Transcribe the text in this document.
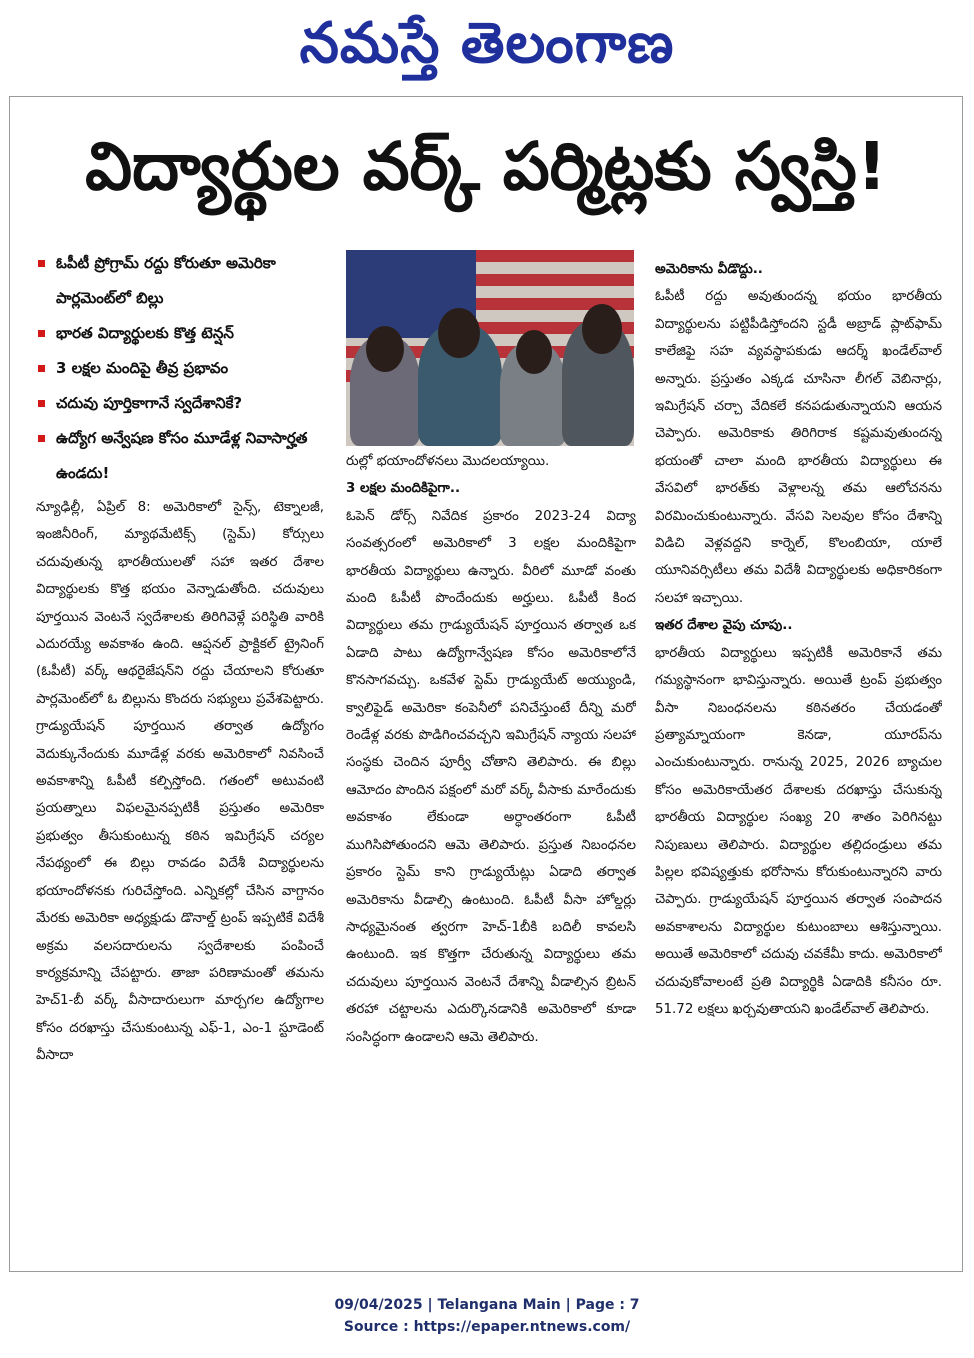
నమస్తే తెలంగాణ
విద్యార్థుల వర్క్ పర్మిట్లకు స్వస్తి!
ఓపీటీ ప్రోగ్రామ్ రద్దు కోరుతూ అమెరికా పార్లమెంట్‌లో బిల్లు
భారత విద్యార్థులకు కొత్త టెన్షన్
3 లక్షల మందిపై తీవ్ర ప్రభావం
చదువు పూర్తికాగానే స్వదేశానికే?
ఉద్యోగ అన్వేషణ కోసం మూడేళ్ల నివాసార్హత ఉండదు!

న్యూఢిల్లీ, ఏప్రిల్ 8: అమెరికాలో సైన్స్, టెక్నాలజీ, ఇంజినీరింగ్, మ్యాథమేటిక్స్ (స్టెమ్) కోర్సులు చదువుతున్న భారతీయులతో సహా ఇతర దేశాల విద్యార్థులకు కొత్త భయం వెన్నాడుతోంది. చదువులు పూర్తయిన వెంటనే స్వదేశాలకు తిరిగివెళ్లే పరిస్థితి వారికి ఎదురయ్యే అవకాశం ఉంది. ఆప్షనల్ ప్రాక్టికల్ ట్రైనింగ్ (ఓపీటీ) వర్క్ ఆథరైజేషన్‌ని రద్దు చేయాలని కోరుతూ పార్లమెంట్‌లో ఓ బిల్లును కొందరు సభ్యులు ప్రవేశపెట్టారు. గ్రాడ్యుయేషన్ పూర్తయిన తర్వాత ఉద్యోగం వెదుక్కునేందుకు మూడేళ్ల వరకు అమెరికాలో నివసించే అవకాశాన్ని ఓపీటీ కల్పిస్తోంది. గతంలో అటువంటి ప్రయత్నాలు విఫలమైనప్పటికీ ప్రస్తుతం అమెరికా ప్రభుత్వం తీసుకుంటున్న కఠిన ఇమిగ్రేషన్ చర్యల నేపథ్యంలో ఈ బిల్లు రావడం విదేశీ విద్యార్థులను భయాందోళనకు గురిచేస్తోంది. ఎన్నికల్లో చేసిన వాగ్దానం మేరకు అమెరికా అధ్యక్షుడు డొనాల్డ్ ట్రంప్ ఇప్పటికే విదేశీ అక్రమ వలసదారులను స్వదేశాలకు పంపించే కార్యక్రమాన్ని చేపట్టారు. తాజా పరిణామంతో తమను హెచ్1-బీ వర్క్ వీసాదారులుగా మార్చగల ఉద్యోగాల కోసం దరఖాస్తు చేసుకుంటున్న ఎఫ్-1, ఎం-1 స్టూడెంట్ వీసాదా

రుల్లో భయాందోళనలు మొదలయ్యాయి.

3 లక్షల మందికిపైగా..

ఓపెన్ డోర్స్ నివేదిక ప్రకారం 2023-24 విద్యా సంవత్సరంలో అమెరికాలో 3 లక్షల మందికిపైగా భారతీయ విద్యార్థులు ఉన్నారు. వీరిలో మూడో వంతు మంది ఓపీటీ పొందేందుకు అర్హులు. ఓపీటీ కింద విద్యార్థులు తమ గ్రాడ్యుయేషన్ పూర్తయిన తర్వాత ఒక ఏడాది పాటు ఉద్యోగాన్వేషణ కోసం అమెరికాలోనే కొనసాగవచ్చు. ఒకవేళ స్టెమ్ గ్రాడ్యుయేట్ అయ్యుండి, క్వాలిఫైడ్ అమెరికా కంపెనీలో పనిచేస్తుంటే దీన్ని మరో రెండేళ్ల వరకు పొడిగించవచ్చని ఇమిగ్రేషన్ న్యాయ సలహా సంస్థకు చెందిన పూర్వీ చోతాని తెలిపారు. ఈ బిల్లు ఆమోదం పొందిన పక్షంలో మరో వర్క్ వీసాకు మారేందుకు అవకాశం లేకుండా అర్ధాంతరంగా ఓపీటీ ముగిసిపోతుందని ఆమె తెలిపారు. ప్రస్తుత నిబంధనల ప్రకారం స్టెమ్ కాని గ్రాడ్యుయేట్లు ఏడాది తర్వాత అమెరికాను వీడాల్సి ఉంటుంది. ఓపీటీ వీసా హోల్డర్లు సాధ్యమైనంత త్వరగా హెచ్-1బీకి బదిలీ కావలసి ఉంటుంది. ఇక కొత్తగా చేరుతున్న విద్యార్థులు తమ చదువులు పూర్తయిన వెంటనే దేశాన్ని వీడాల్సిన బ్రిటన్ తరహా చట్టాలను ఎదుర్కొనడానికి అమెరికాలో కూడా సంసిద్ధంగా ఉండాలని ఆమె తెలిపారు.

అమెరికాను వీడొద్దు..

ఓపీటీ రద్దు అవుతుందన్న భయం భారతీయ విద్యార్థులను పట్టిపీడిస్తోందని స్టడీ అబ్రాడ్ ప్లాట్‌ఫామ్ కాలేజిఫై సహ వ్యవస్థాపకుడు ఆదర్శ్ ఖండేల్‌వాల్ అన్నారు. ప్రస్తుతం ఎక్కడ చూసినా లీగల్ వెబినార్లు, ఇమిగ్రేషన్ చర్చా వేదికలే కనపడుతున్నాయని ఆయన చెప్పారు. అమెరికాకు తిరిగిరాక కష్టమవుతుందన్న భయంతో చాలా మంది భారతీయ విద్యార్థులు ఈ వేసవిలో భారత్‌కు వెళ్లాలన్న తమ ఆలోచనను విరమించుకుంటున్నారు. వేసవి సెలవుల కోసం దేశాన్ని విడిచి వెళ్లవద్దని కార్నెల్, కొలంబియా, యాలే యూనివర్సిటీలు తమ విదేశీ విద్యార్థులకు అధికారికంగా సలహా ఇచ్చాయి.

ఇతర దేశాల వైపు చూపు..

భారతీయ విద్యార్థులు ఇప్పటికీ అమెరికానే తమ గమ్యస్థానంగా భావిస్తున్నారు. అయితే ట్రంప్ ప్రభుత్వం వీసా నిబంధనలను కఠినతరం చేయడంతో ప్రత్యామ్నాయంగా కెనడా, యూరప్‌ను ఎంచుకుంటున్నారు. రానున్న 2025, 2026 బ్యాచుల కోసం అమెరికాయేతర దేశాలకు దరఖాస్తు చేసుకున్న భారతీయ విద్యార్థుల సంఖ్య 20 శాతం పెరిగినట్టు నిపుణులు తెలిపారు. విద్యార్థుల తల్లిదండ్రులు తమ పిల్లల భవిష్యత్తుకు భరోసాను కోరుకుంటున్నారని వారు చెప్పారు. గ్రాడ్యుయేషన్ పూర్తయిన తర్వాత సంపాదన అవకాశాలను విద్యార్థుల కుటుంబాలు ఆశిస్తున్నాయి. అయితే అమెరికాలో చదువు చవకేమీ కాదు. అమెరికాలో చదువుకోవాలంటే ప్రతి విద్యార్థికి ఏడాదికి కనీసం రూ. 51.72 లక్షలు ఖర్చవుతాయని ఖండేల్‌వాల్ తెలిపారు.

09/04/2025 | Telangana Main | Page : 7
Source : https://epaper.ntnews.com/
